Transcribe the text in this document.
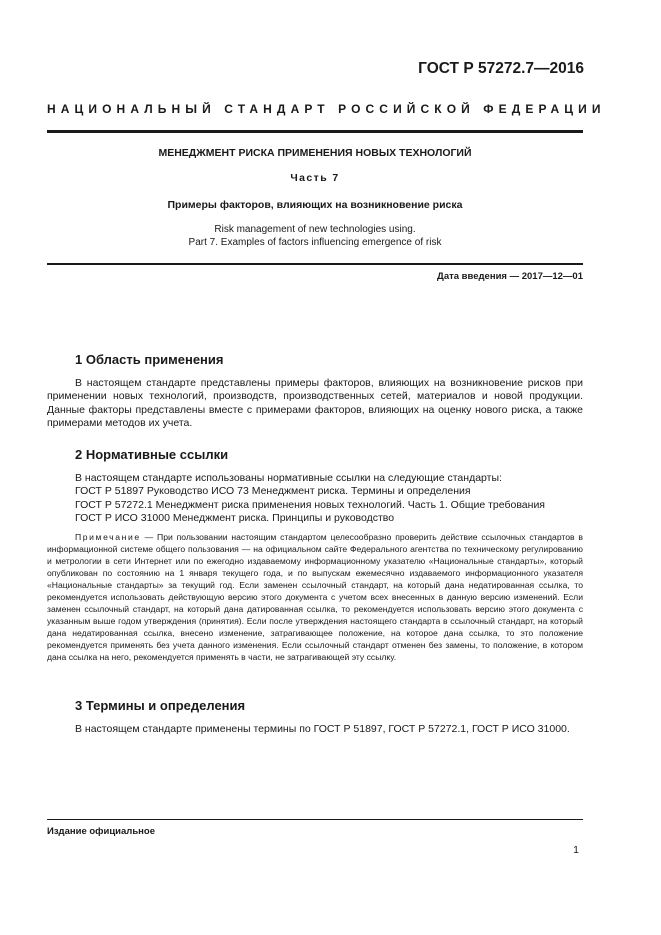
ГОСТ Р 57272.7—2016
НАЦИОНАЛЬНЫЙ СТАНДАРТ РОССИЙСКОЙ ФЕДЕРАЦИИ
МЕНЕДЖМЕНТ РИСКА ПРИМЕНЕНИЯ НОВЫХ ТЕХНОЛОГИЙ
Часть 7
Примеры факторов, влияющих на возникновение риска
Risk management of new technologies using.
Part 7. Examples of factors influencing emergence of risk
Дата введения — 2017—12—01
1 Область применения

В настоящем стандарте представлены примеры факторов, влияющих на возникновение рисков при применении новых технологий, производств, производственных сетей, материалов и новой продукции. Данные факторы представлены вместе с примерами факторов, влияющих на оценку нового риска, а также примерами методов их учета.

2 Нормативные ссылки
В настоящем стандарте использованы нормативные ссылки на следующие стандарты:
ГОСТ Р 51897 Руководство ИСО 73 Менеджмент риска. Термины и определения
ГОСТ Р 57272.1 Менеджмент риска применения новых технологий. Часть 1. Общие требования
ГОСТ Р ИСО 31000 Менеджмент риска. Принципы и руководство
Примечание — При пользовании настоящим стандартом целесообразно проверить действие ссылочных стандартов в информационной системе общего пользования — на официальном сайте Федерального агентства по техническому регулированию и метрологии в сети Интернет или по ежегодно издаваемому информационному указателю «Национальные стандарты», который опубликован по состоянию на 1 января текущего года, и по выпускам ежемесячно издаваемого информационного указателя «Национальные стандарты» за текущий год. Если заменен ссылочный стандарт, на который дана недатированная ссылка, то рекомендуется использовать действующую версию этого документа с учетом всех внесенных в данную версию изменений. Если заменен ссылочный стандарт, на который дана датированная ссылка, то рекомендуется использовать версию этого документа с указанным выше годом утверждения (принятия). Если после утверждения настоящего стандарта в ссылочный стандарт, на который дана недатированная ссылка, внесено изменение, затрагивающее положение, на которое дана ссылка, то это положение рекомендуется применять без учета данного изменения. Если ссылочный стандарт отменен без замены, то положение, в котором дана ссылка на него, рекомендуется применять в части, не затрагивающей эту ссылку.
3 Термины и определения

В настоящем стандарте применены термины по ГОСТ Р 51897, ГОСТ Р 57272.1, ГОСТ Р ИСО 31000.

Издание официальное
1
